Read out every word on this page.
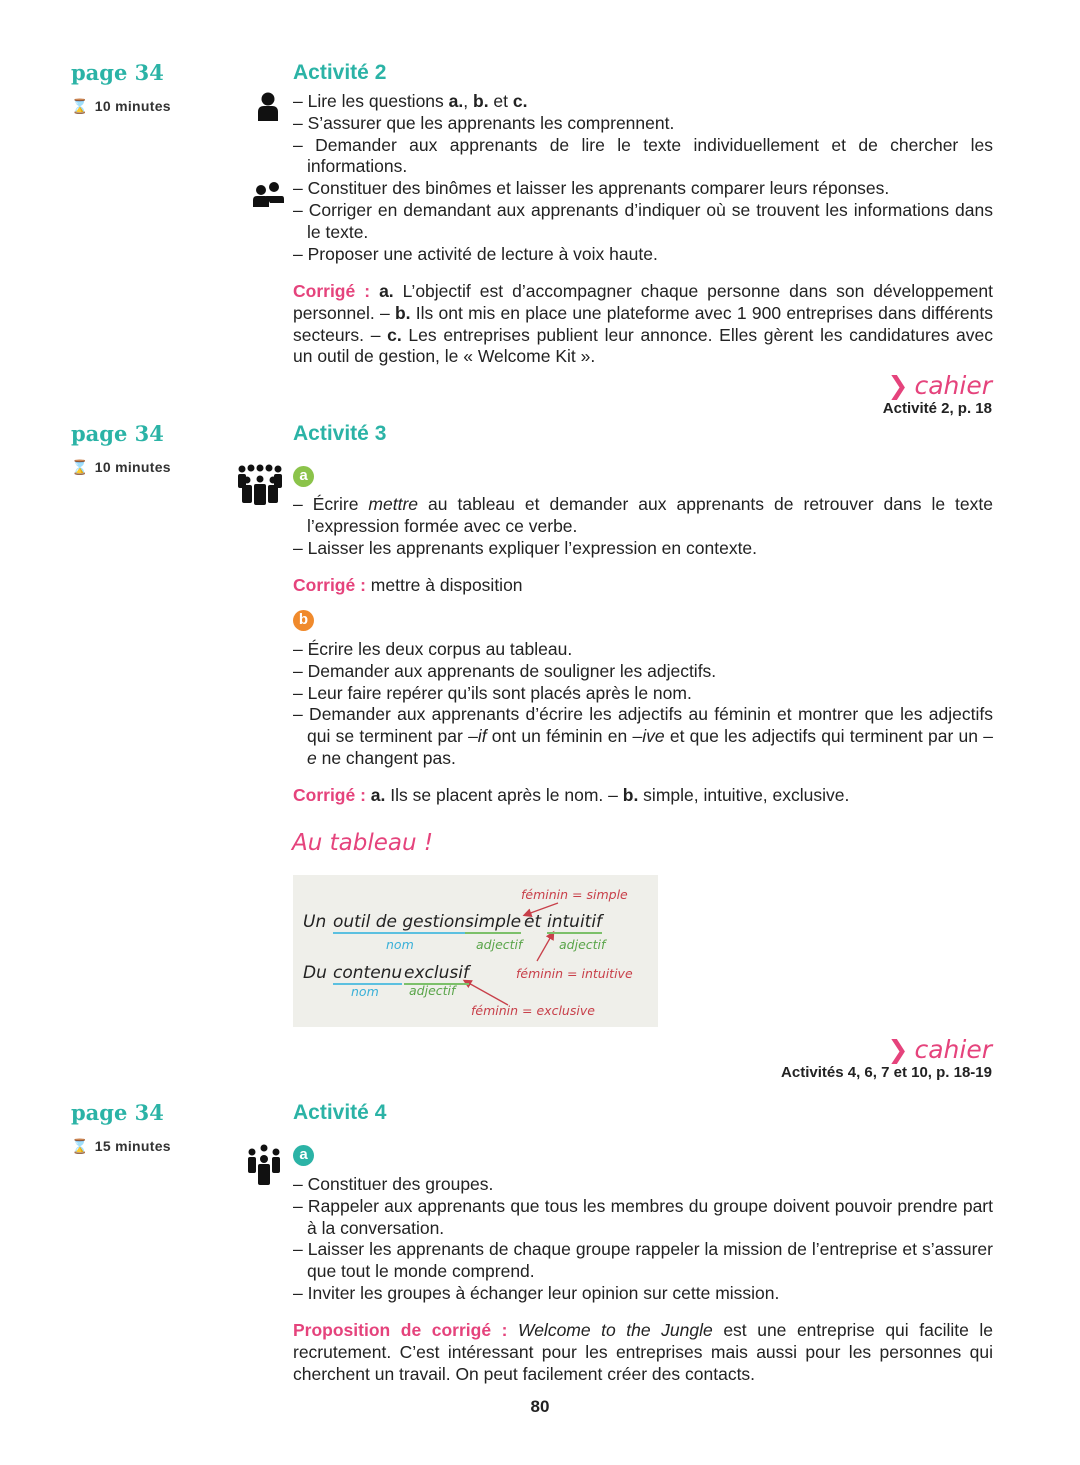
page 34
⌛ 10 minutes
Activité 2
– Lire les questions a., b. et c.
– S’assurer que les apprenants les comprennent.
– Demander aux apprenants de lire le texte individuellement et de chercher les informations.
– Constituer des binômes et laisser les apprenants comparer leurs réponses.
– Corriger en demandant aux apprenants d’indiquer où se trouvent les informations dans le texte.
– Proposer une activité de lecture à voix haute.
Corrigé : a. L’objectif est d’accompagner chaque personne dans son développement personnel. – b. Ils ont mis en place une plateforme avec 1 900 entreprises dans différents secteurs. – c. Les entreprises publient leur annonce. Elles gèrent les candidatures avec un outil de gestion, le « Welcome Kit ».
❯ cahier
Activité 2, p. 18
page 34
⌛ 10 minutes
Activité 3
a
– Écrire mettre au tableau et demander aux apprenants de retrouver dans le texte l’expression formée avec ce verbe.
– Laisser les apprenants expliquer l’expression en contexte.
Corrigé : mettre à disposition
b
– Écrire les deux corpus au tableau.
– Demander aux apprenants de souligner les adjectifs.
– Leur faire repérer qu’ils sont placés après le nom.
– Demander aux apprenants d’écrire les adjectifs au féminin et montrer que les adjectifs qui se terminent par –if ont un féminin en –ive et que les adjectifs qui terminent par un –e ne changent pas.
Corrigé : a. Ils se placent après le nom. – b. simple, intuitive, exclusive.
Au tableau !
féminin = simple
Un outil de gestion simple et intuitif
nom	adjectif	adjectif
Du contenu exclusif	féminin = intuitive
nom adjectif
féminin = exclusive
❯ cahier
Activités 4, 6, 7 et 10, p. 18-19
page 34
⌛ 15 minutes
Activité 4
a
– Constituer des groupes.
– Rappeler aux apprenants que tous les membres du groupe doivent pouvoir prendre part à la conversation.
– Laisser les apprenants de chaque groupe rappeler la mission de l’entreprise et s’assurer que tout le monde comprend.
– Inviter les groupes à échanger leur opinion sur cette mission.
Proposition de corrigé : Welcome to the Jungle est une entreprise qui facilite le recrutement. C’est intéressant pour les entreprises mais aussi pour les personnes qui cherchent un travail. On peut facilement créer des contacts.
80
